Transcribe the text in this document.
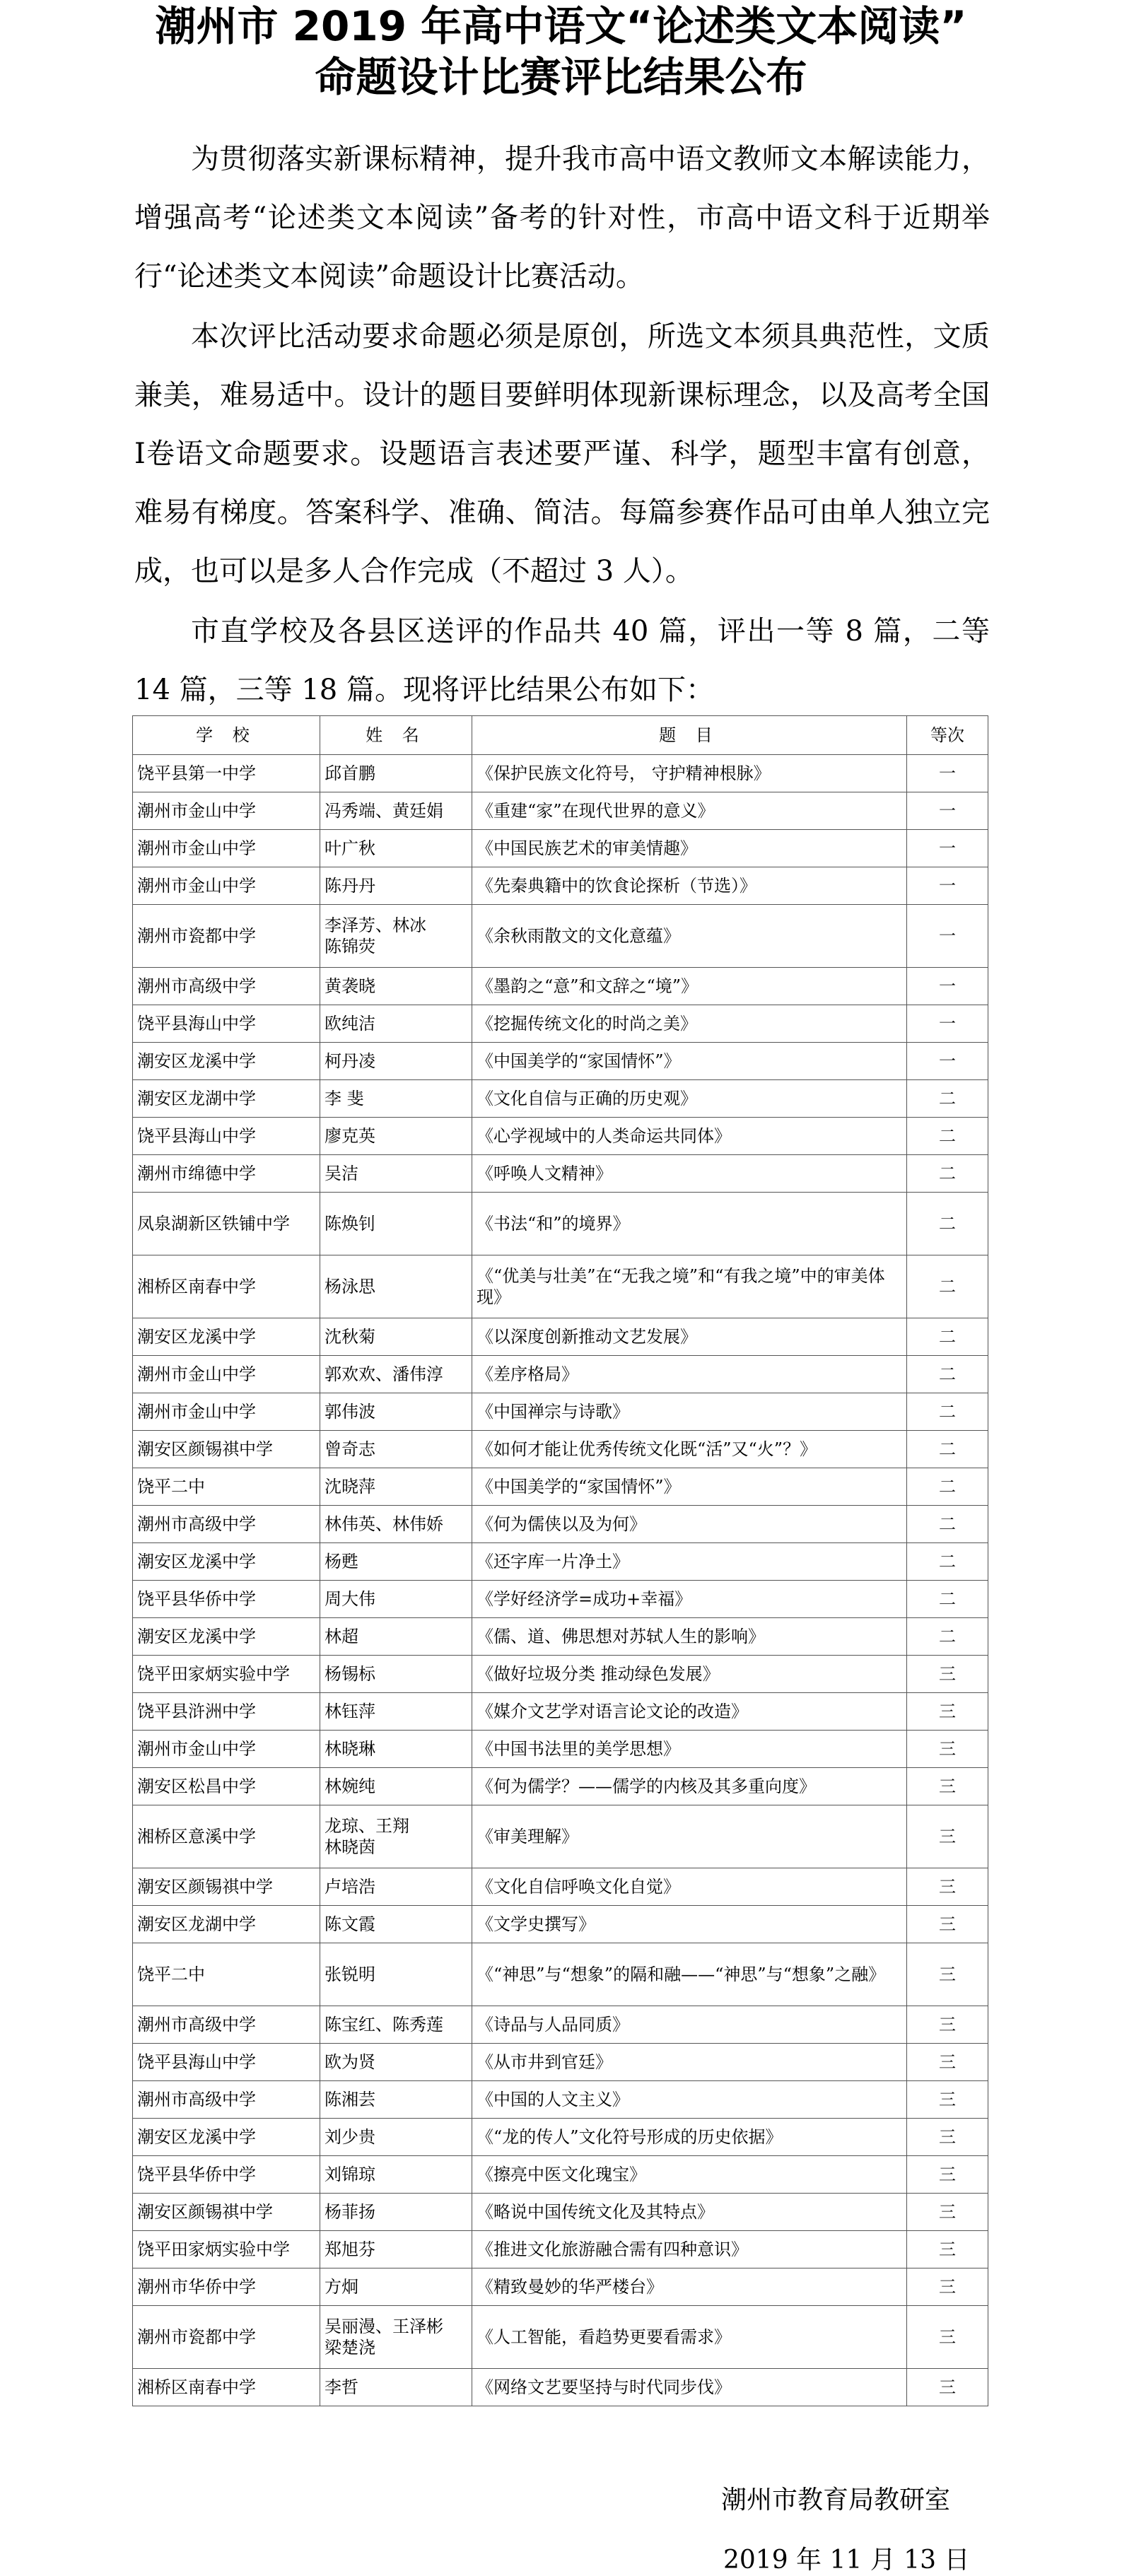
潮州市 2019 年高中语文“论述类文本阅读”
命题设计比赛评比结果公布

为贯彻落实新课标精神，提升我市高中语文教师文本解读能力，增强高考“论述类文本阅读”备考的针对性，市高中语文科于近期举行“论述类文本阅读”命题设计比赛活动。

本次评比活动要求命题必须是原创，所选文本须具典范性，文质兼美，难易适中。设计的题目要鲜明体现新课标理念，以及高考全国Ⅰ卷语文命题要求。设题语言表述要严谨、科学，题型丰富有创意，难易有梯度。答案科学、准确、简洁。每篇参赛作品可由单人独立完成，也可以是多人合作完成（不超过 3 人）。

市直学校及各县区送评的作品共 40 篇，评出一等 8 篇，二等 14 篇，三等 18 篇。现将评比结果公布如下：

学 校	姓 名	题 目	等次
饶平县第一中学	邱首鹏	《保护民族文化符号， 守护精神根脉》	一
潮州市金山中学	冯秀端、黄廷娟	《重建“家”在现代世界的意义》	一
潮州市金山中学	叶广秋	《中国民族艺术的审美情趣》	一
潮州市金山中学	陈丹丹	《先秦典籍中的饮食论探析（节选）》	一
潮州市瓷都中学	李泽芳、林冰
陈锦荧	《余秋雨散文的文化意蕴》	一
潮州市高级中学	黄袭晓	《墨韵之“意”和文辞之“境”》	一
饶平县海山中学	欧纯洁	《挖掘传统文化的时尚之美》	一
潮安区龙溪中学	柯丹凌	《中国美学的“家国情怀”》	一
潮安区龙湖中学	李 斐	《文化自信与正确的历史观》	二
饶平县海山中学	廖克英	《心学视域中的人类命运共同体》	二
潮州市绵德中学	吴洁	《呼唤人文精神》	二
凤泉湖新区铁铺中学	陈焕钊	《书法“和”的境界》	二
湘桥区南春中学	杨泳思	《“优美与壮美”在“无我之境”和“有我之境”中的审美体现》	二
潮安区龙溪中学	沈秋菊	《以深度创新推动文艺发展》	二
潮州市金山中学	郭欢欢、潘伟淳	《差序格局》	二
潮州市金山中学	郭伟波	《中国禅宗与诗歌》	二
潮安区颜锡祺中学	曾奇志	《如何才能让优秀传统文化既“活”又“火”？》	二
饶平二中	沈晓萍	《中国美学的“家国情怀”》	二
潮州市高级中学	林伟英、林伟娇	《何为儒侠以及为何》	二
潮安区龙溪中学	杨甦	《还字库一片净土》	二
饶平县华侨中学	周大伟	《学好经济学=成功+幸福》	二
潮安区龙溪中学	林超	《儒、道、佛思想对苏轼人生的影响》	二
饶平田家炳实验中学	杨锡标	《做好垃圾分类 推动绿色发展》	三
饶平县浒洲中学	林钰萍	《媒介文艺学对语言论文论的改造》	三
潮州市金山中学	林晓琳	《中国书法里的美学思想》	三
潮安区松昌中学	林婉纯	《何为儒学？——儒学的内核及其多重向度》	三
湘桥区意溪中学	龙琼、王翔
林晓茵	《审美理解》	三
潮安区颜锡祺中学	卢培浩	《文化自信呼唤文化自觉》	三
潮安区龙湖中学	陈文霞	《文学史撰写》	三
饶平二中	张锐明	《“神思”与“想象”的隔和融——“神思”与“想象”之融》	三
潮州市高级中学	陈宝红、陈秀莲	《诗品与人品同质》	三
饶平县海山中学	欧为贤	《从市井到官廷》	三
潮州市高级中学	陈湘芸	《中国的人文主义》	三
潮安区龙溪中学	刘少贵	《“龙的传人”文化符号形成的历史依据》	三
饶平县华侨中学	刘锦琼	《擦亮中医文化瑰宝》	三
潮安区颜锡祺中学	杨菲扬	《略说中国传统文化及其特点》	三
饶平田家炳实验中学	郑旭芬	《推进文化旅游融合需有四种意识》	三
潮州市华侨中学	方炯	《精致曼妙的华严楼台》	三
潮州市瓷都中学	吴丽漫、王泽彬
梁楚浇	《人工智能，看趋势更要看需求》	三
湘桥区南春中学	李哲	《网络文艺要坚持与时代同步伐》	三

潮州市教育局教研室

2019 年 11 月 13 日
